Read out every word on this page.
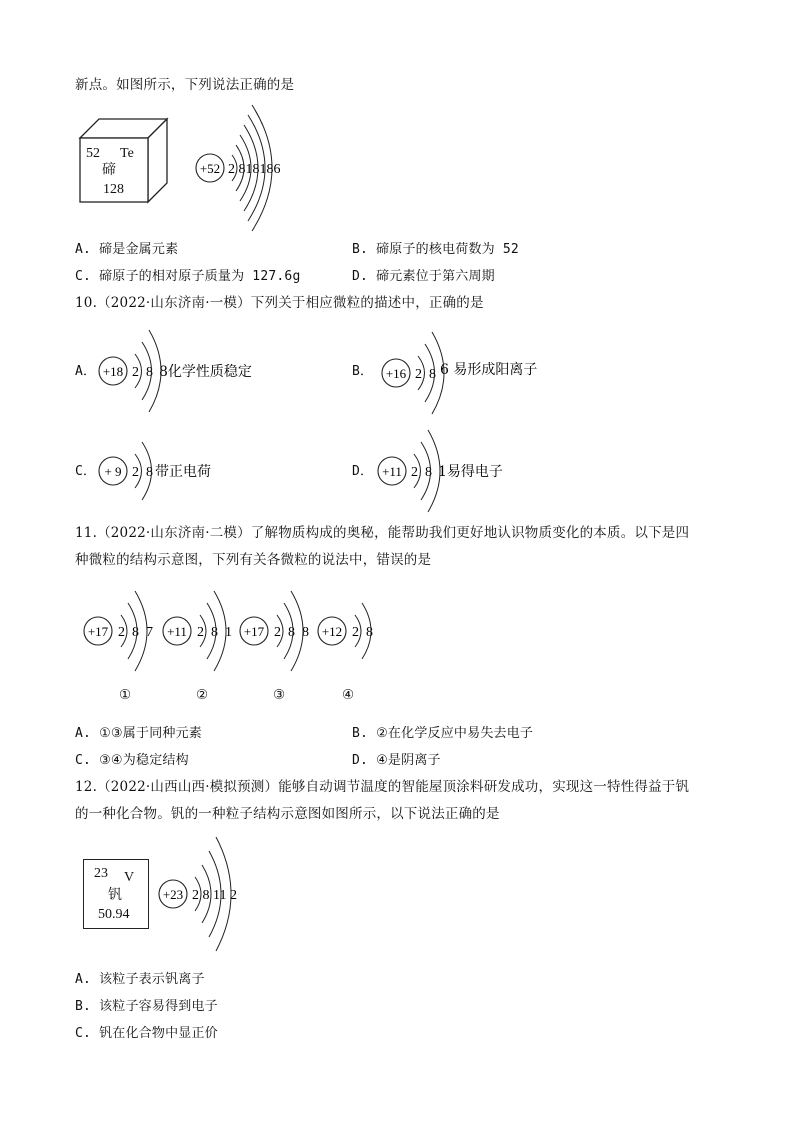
新点。如图所示，下列说法正确的是
52 Te
碲
128
+52 2 818186
A. 碲是金属元素	B. 碲原子的核电荷数为 52
C. 碲原子的相对原子质量为 127.6g	D. 碲元素位于第六周期
10.（2022·山东济南·一模）下列关于相应微粒的描述中，正确的是
A． +18 2  8 8化学性质稳定	B． +16 2  8 6 易形成阳离子
C． + 9 2  8 带正电荷	D． +11 2  8 1易得电子
11.（2022·山东济南·二模）了解物质构成的奥秘，能帮助我们更好地认识物质变化的本质。以下是四
种微粒的结构示意图，下列有关各微粒的说法中，错误的是
+17 2  8  7 +11 2  8  1 +17 2  8  8 +12 2  8
①	②	③	④
A. ①③属于同种元素	B. ②在化学反应中易失去电子
C. ③④为稳定结构	D. ④是阴离子
12.（2022·山西山西·模拟预测）能够自动调节温度的智能屋顶涂料研发成功，实现这一特性得益于钒
的一种化合物。钒的一种粒子结构示意图如图所示，以下说法正确的是
23 V
钒
50.94
+23 2 8 11 2
A. 该粒子表示钒离子
B. 该粒子容易得到电子
C. 钒在化合物中显正价
